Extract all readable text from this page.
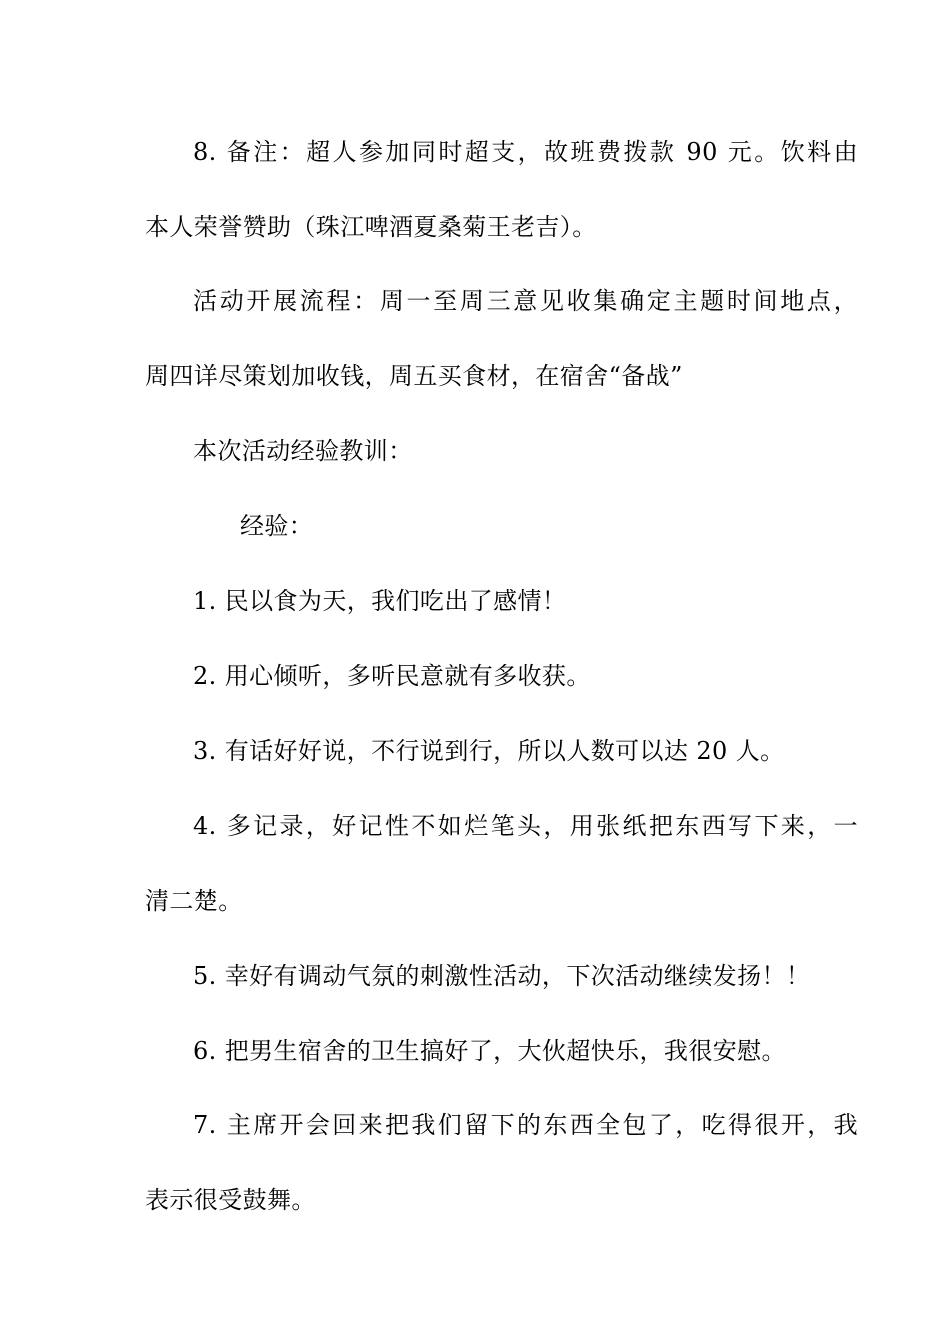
8. 备注：超人参加同时超支，故班费拨款 90 元。饮料由
本人荣誉赞助（珠江啤酒夏桑菊王老吉）。
活动开展流程：周一至周三意见收集确定主题时间地点，
周四详尽策划加收钱，周五买食材，在宿舍“备战”
本次活动经验教训：
经验：
1. 民以食为天，我们吃出了感情！
2. 用心倾听，多听民意就有多收获。
3. 有话好好说，不行说到行，所以人数可以达 20 人。
4. 多记录，好记性不如烂笔头，用张纸把东西写下来，一
清二楚。
5. 幸好有调动气氛的刺激性活动，下次活动继续发扬！！
6. 把男生宿舍的卫生搞好了，大伙超快乐，我很安慰。
7. 主席开会回来把我们留下的东西全包了，吃得很开，我
表示很受鼓舞。
